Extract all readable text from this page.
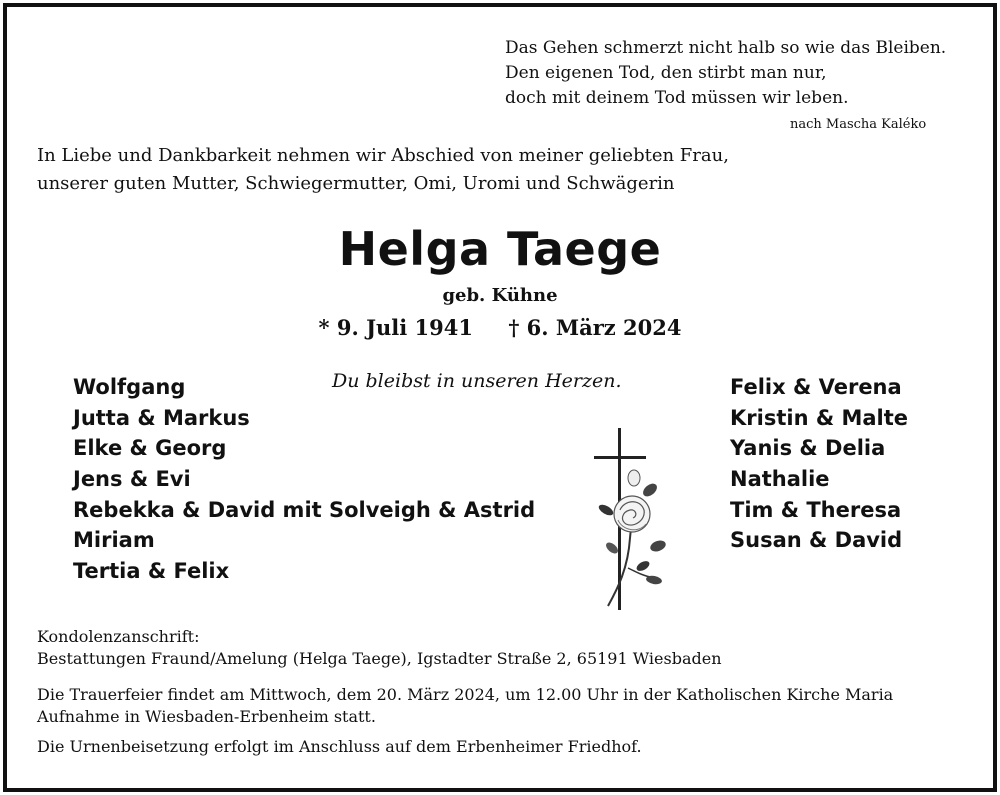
Das Gehen schmerzt nicht halb so wie das Bleiben.
Den eigenen Tod, den stirbt man nur,
doch mit deinem Tod müssen wir leben.
nach Mascha Kaléko
In Liebe und Dankbarkeit nehmen wir Abschied von meiner geliebten Frau,
unserer guten Mutter, Schwiegermutter, Omi, Uromi und Schwägerin
Helga Taege
geb. Kühne
* 9. Juli 1941 † 6. März 2024
Du bleibst in unseren Herzen.
Wolfgang
Jutta & Markus
Elke & Georg
Jens & Evi
Rebekka & David mit Solveigh & Astrid
Miriam
Tertia & Felix
Felix & Verena
Kristin & Malte
Yanis & Delia
Nathalie
Tim & Theresa
Susan & David
Kondolenzanschrift:
Bestattungen Fraund/Amelung (Helga Taege), Igstadter Straße 2, 65191 Wiesbaden
Die Trauerfeier findet am Mittwoch, dem 20. März 2024, um 12.00 Uhr in der Katholischen Kirche Maria
Aufnahme in Wiesbaden-Erbenheim statt.
Die Urnenbeisetzung erfolgt im Anschluss auf dem Erbenheimer Friedhof.
